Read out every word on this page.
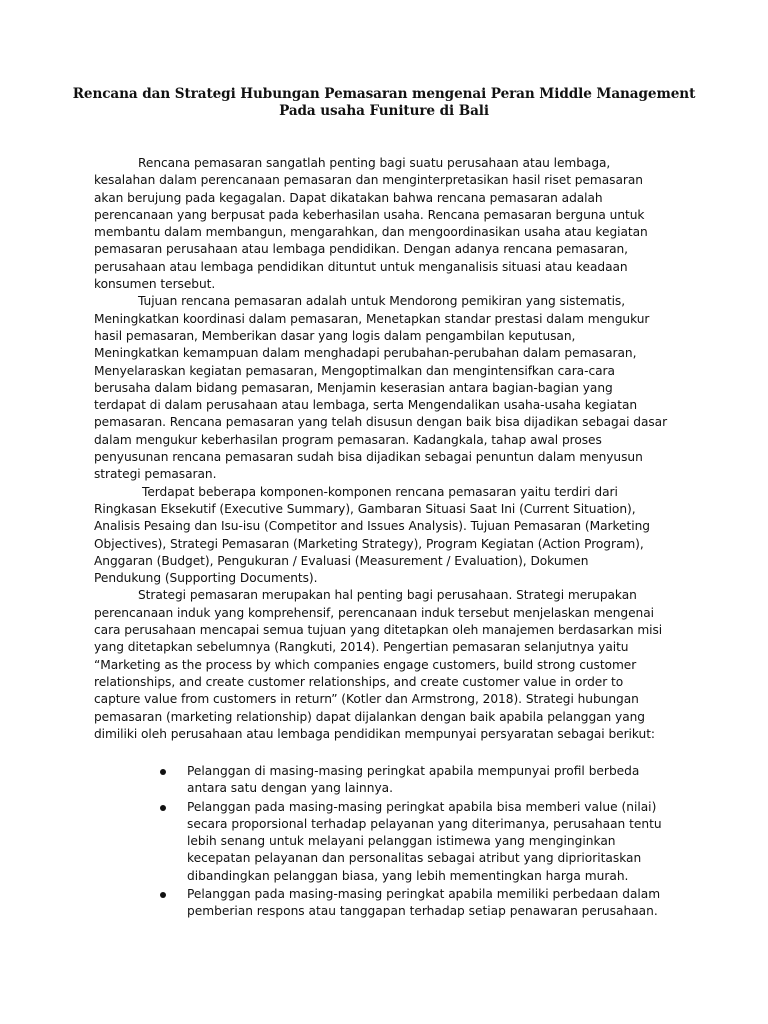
Rencana dan Strategi Hubungan Pemasaran mengenai Peran Middle Management
Pada usaha Funiture di Bali
Rencana pemasaran sangatlah penting bagi suatu perusahaan atau lembaga,
kesalahan dalam perencanaan pemasaran dan menginterpretasikan hasil riset pemasaran
akan berujung pada kegagalan. Dapat dikatakan bahwa rencana pemasaran adalah
perencanaan yang berpusat pada keberhasilan usaha. Rencana pemasaran berguna untuk
membantu dalam membangun, mengarahkan, dan mengoordinasikan usaha atau kegiatan
pemasaran perusahaan atau lembaga pendidikan. Dengan adanya rencana pemasaran,
perusahaan atau lembaga pendidikan dituntut untuk menganalisis situasi atau keadaan
konsumen tersebut.
Tujuan rencana pemasaran adalah untuk Mendorong pemikiran yang sistematis,
Meningkatkan koordinasi dalam pemasaran, Menetapkan standar prestasi dalam mengukur
hasil pemasaran, Memberikan dasar yang logis dalam pengambilan keputusan,
Meningkatkan kemampuan dalam menghadapi perubahan-perubahan dalam pemasaran,
Menyelaraskan kegiatan pemasaran, Mengoptimalkan dan mengintensifkan cara-cara
berusaha dalam bidang pemasaran, Menjamin keserasian antara bagian-bagian yang
terdapat di dalam perusahaan atau lembaga, serta Mengendalikan usaha-usaha kegiatan
pemasaran. Rencana pemasaran yang telah disusun dengan baik bisa dijadikan sebagai dasar
dalam mengukur keberhasilan program pemasaran. Kadangkala, tahap awal proses
penyusunan rencana pemasaran sudah bisa dijadikan sebagai penuntun dalam menyusun
strategi pemasaran.
Terdapat beberapa komponen-komponen rencana pemasaran yaitu terdiri dari
Ringkasan Eksekutif (Executive Summary), Gambaran Situasi Saat Ini (Current Situation),
Analisis Pesaing dan Isu-isu (Competitor and Issues Analysis). Tujuan Pemasaran (Marketing
Objectives), Strategi Pemasaran (Marketing Strategy), Program Kegiatan (Action Program),
Anggaran (Budget), Pengukuran / Evaluasi (Measurement / Evaluation), Dokumen
Pendukung (Supporting Documents).
Strategi pemasaran merupakan hal penting bagi perusahaan. Strategi merupakan
perencanaan induk yang komprehensif, perencanaan induk tersebut menjelaskan mengenai
cara perusahaan mencapai semua tujuan yang ditetapkan oleh manajemen berdasarkan misi
yang ditetapkan sebelumnya (Rangkuti, 2014). Pengertian pemasaran selanjutnya yaitu
“Marketing as the process by which companies engage customers, build strong customer
relationships, and create customer relationships, and create customer value in order to
capture value from customers in return” (Kotler dan Armstrong, 2018). Strategi hubungan
pemasaran (marketing relationship) dapat dijalankan dengan baik apabila pelanggan yang
dimiliki oleh perusahaan atau lembaga pendidikan mempunyai persyaratan sebagai berikut:
Pelanggan di masing-masing peringkat apabila mempunyai profil berbeda
antara satu dengan yang lainnya.
Pelanggan pada masing-masing peringkat apabila bisa memberi value (nilai)
secara proporsional terhadap pelayanan yang diterimanya, perusahaan tentu
lebih senang untuk melayani pelanggan istimewa yang menginginkan
kecepatan pelayanan dan personalitas sebagai atribut yang diprioritaskan
dibandingkan pelanggan biasa, yang lebih mementingkan harga murah.
Pelanggan pada masing-masing peringkat apabila memiliki perbedaan dalam
pemberian respons atau tanggapan terhadap setiap penawaran perusahaan.
